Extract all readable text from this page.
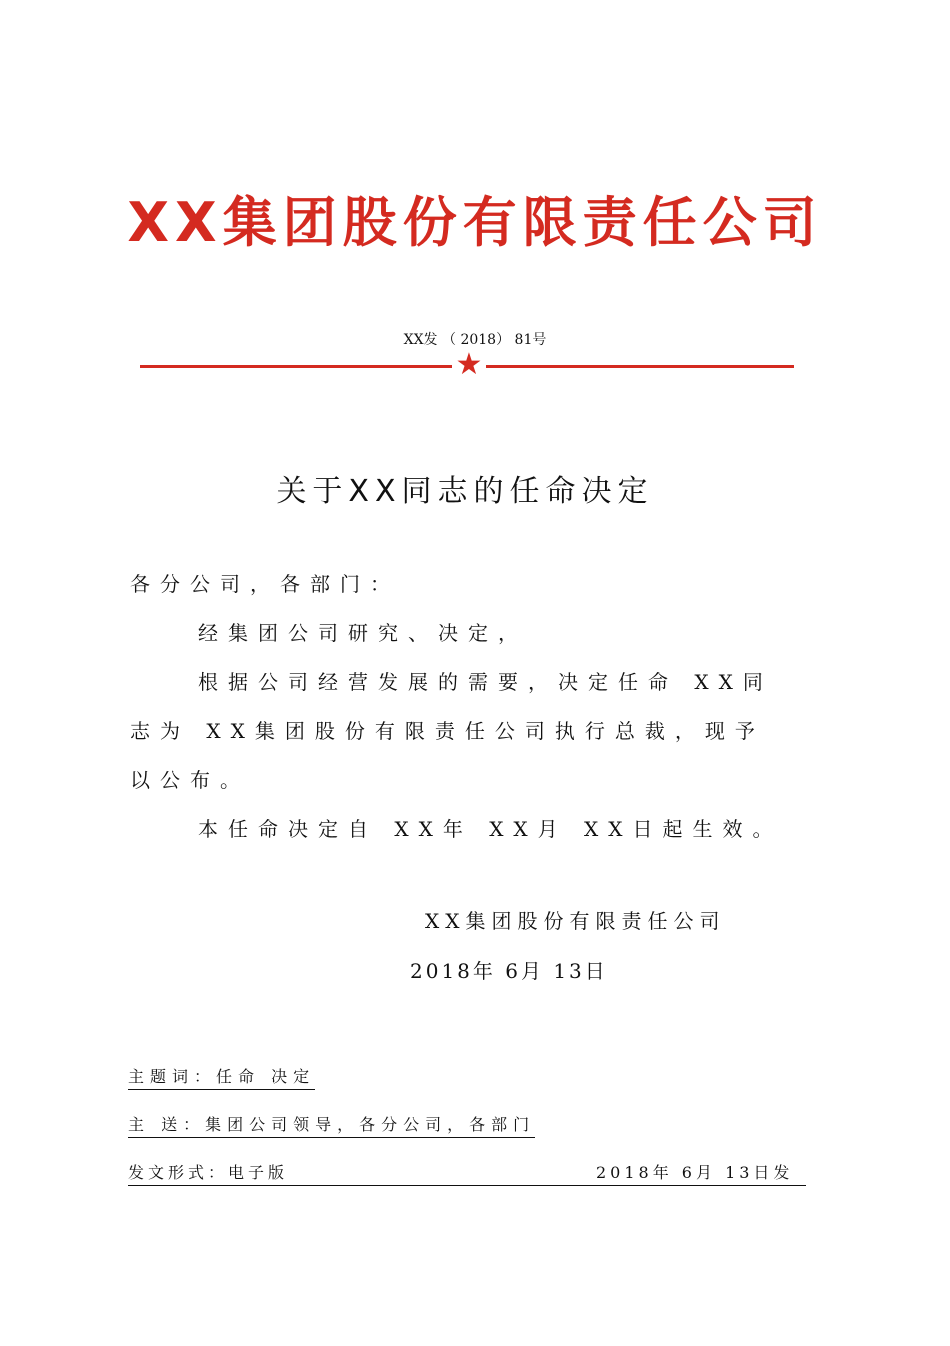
XX集团股份有限责任公司
XX发 （ 2018） 81号
★
关于XX同志的任命决定
各分公司，各部门：
经集团公司研究、决定，
根据公司经营发展的需要，决定任命 XX同
志为 XX集团股份有限责任公司执行总裁，现予
以公布。
本任命决定自 XX年 XX月 XX日起生效。
XX集团股份有限责任公司
2018年 6月 13日
主题词：任命 决定
主 送：集团公司领导，各分公司，各部门
发文形式：电子版	2018年 6月 13日发
